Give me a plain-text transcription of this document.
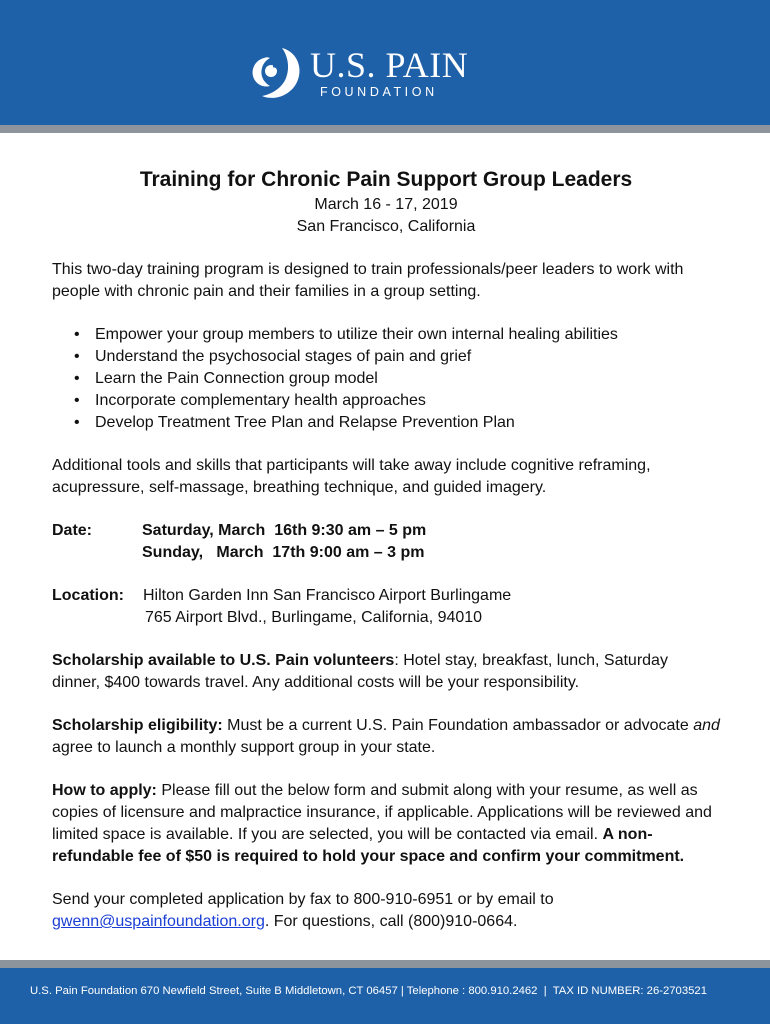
U.S. PAIN
FOUNDATION
Training for Chronic Pain Support Group Leaders

March 16 - 17, 2019

San Francisco, California

This two-day training program is designed to train professionals/peer leaders to work with people with chronic pain and their families in a group setting.

• Empower your group members to utilize their own internal healing abilities
• Understand the psychosocial stages of pain and grief
• Learn the Pain Connection group model
• Incorporate complementary health approaches
• Develop Treatment Tree Plan and Relapse Prevention Plan

Additional tools and skills that participants will take away include cognitive reframing, acupressure, self-massage, breathing technique, and guided imagery.

Date:	Saturday, March  16th 9:30 am – 5 pm
Sunday,   March  17th 9:00 am – 3 pm
Location:	Hilton Garden Inn San Francisco Airport Burlingame
765 Airport Blvd., Burlingame, California, 94010

Scholarship available to U.S. Pain volunteers: Hotel stay, breakfast, lunch, Saturday dinner, $400 towards travel. Any additional costs will be your responsibility.

Scholarship eligibility: Must be a current U.S. Pain Foundation ambassador or advocate and agree to launch a monthly support group in your state.

How to apply: Please fill out the below form and submit along with your resume, as well as copies of licensure and malpractice insurance, if applicable. Applications will be reviewed and limited space is available. If you are selected, you will be contacted via email. A non-refundable fee of $50 is required to hold your space and confirm your commitment.

Send your completed application by fax to 800-910-6951 or by email to gwenn@uspainfoundation.org. For questions, call (800)910-0664.

U.S. Pain Foundation 670 Newfield Street, Suite B Middletown, CT 06457 | Telephone : 800.910.2462  |  TAX ID NUMBER: 26-2703521
